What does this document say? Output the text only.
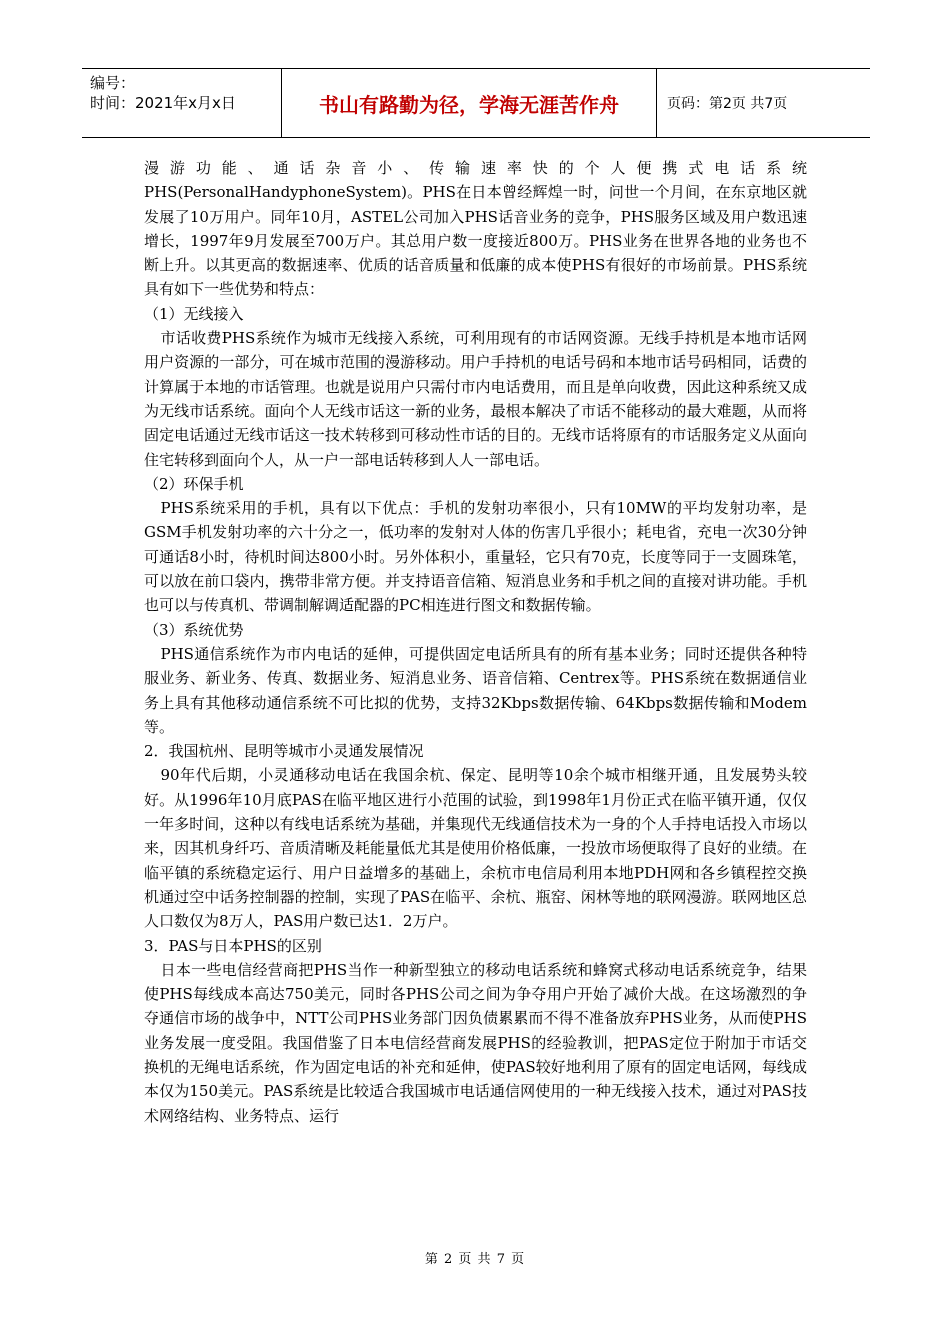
编号：
时间：2021年x月x日	书山有路勤为径，学海无涯苦作舟	页码：第2页 共7页

漫游功能、通话杂音小、传输速率快的个人便携式电话系统PHS(PersonalHandyphoneSystem)。PHS在日本曾经辉煌一时，问世一个月间，在东京地区就发展了10万用户。同年10月，ASTEL公司加入PHS话音业务的竞争，PHS服务区域及用户数迅速增长，1997年9月发展至700万户。其总用户数一度接近800万。PHS业务在世界各地的业务也不断上升。以其更高的数据速率、优质的话音质量和低廉的成本使PHS有很好的市场前景。PHS系统具有如下一些优势和特点：

（1）无线接入

市话收费PHS系统作为城市无线接入系统，可利用现有的市话网资源。无线手持机是本地市话网用户资源的一部分，可在城市范围的漫游移动。用户手持机的电话号码和本地市话号码相同，话费的计算属于本地的市话管理。也就是说用户只需付市内电话费用，而且是单向收费，因此这种系统又成为无线市话系统。面向个人无线市话这一新的业务，最根本解决了市话不能移动的最大难题，从而将固定电话通过无线市话这一技术转移到可移动性市话的目的。无线市话将原有的市话服务定义从面向住宅转移到面向个人，从一户一部电话转移到人人一部电话。

（2）环保手机

PHS系统采用的手机，具有以下优点：手机的发射功率很小，只有10MW的平均发射功率，是GSM手机发射功率的六十分之一，低功率的发射对人体的伤害几乎很小；耗电省，充电一次30分钟可通话8小时，待机时间达800小时。另外体积小，重量轻，它只有70克，长度等同于一支圆珠笔，可以放在前口袋内，携带非常方便。并支持语音信箱、短消息业务和手机之间的直接对讲功能。手机也可以与传真机、带调制解调适配器的PC相连进行图文和数据传输。

（3）系统优势

PHS通信系统作为市内电话的延伸，可提供固定电话所具有的所有基本业务；同时还提供各种特服业务、新业务、传真、数据业务、短消息业务、语音信箱、Centrex等。PHS系统在数据通信业务上具有其他移动通信系统不可比拟的优势，支持32Kbps数据传输、64Kbps数据传输和Modem等。

2．我国杭州、昆明等城市小灵通发展情况

90年代后期，小灵通移动电话在我国余杭、保定、昆明等10余个城市相继开通，且发展势头较好。从1996年10月底PAS在临平地区进行小范围的试验，到1998年1月份正式在临平镇开通，仅仅一年多时间，这种以有线电话系统为基础，并集现代无线通信技术为一身的个人手持电话投入市场以来，因其机身纤巧、音质清晰及耗能量低尤其是使用价格低廉，一投放市场便取得了良好的业绩。在临平镇的系统稳定运行、用户日益增多的基础上，余杭市电信局利用本地PDH网和各乡镇程控交换机通过空中话务控制器的控制，实现了PAS在临平、余杭、瓶窑、闲林等地的联网漫游。联网地区总人口数仅为8万人，PAS用户数已达1．2万户。

3．PAS与日本PHS的区别

日本一些电信经营商把PHS当作一种新型独立的移动电话系统和蜂窝式移动电话系统竞争，结果使PHS每线成本高达750美元，同时各PHS公司之间为争夺用户开始了减价大战。在这场激烈的争夺通信市场的战争中，NTT公司PHS业务部门因负债累累而不得不准备放弃PHS业务，从而使PHS业务发展一度受阻。我国借鉴了日本电信经营商发展PHS的经验教训，把PAS定位于附加于市话交换机的无绳电话系统，作为固定电话的补充和延伸，使PAS较好地利用了原有的固定电话网，每线成本仅为150美元。PAS系统是比较适合我国城市电话通信网使用的一种无线接入技术，通过对PAS技术网络结构、业务特点、运行

第 2 页 共 7 页
